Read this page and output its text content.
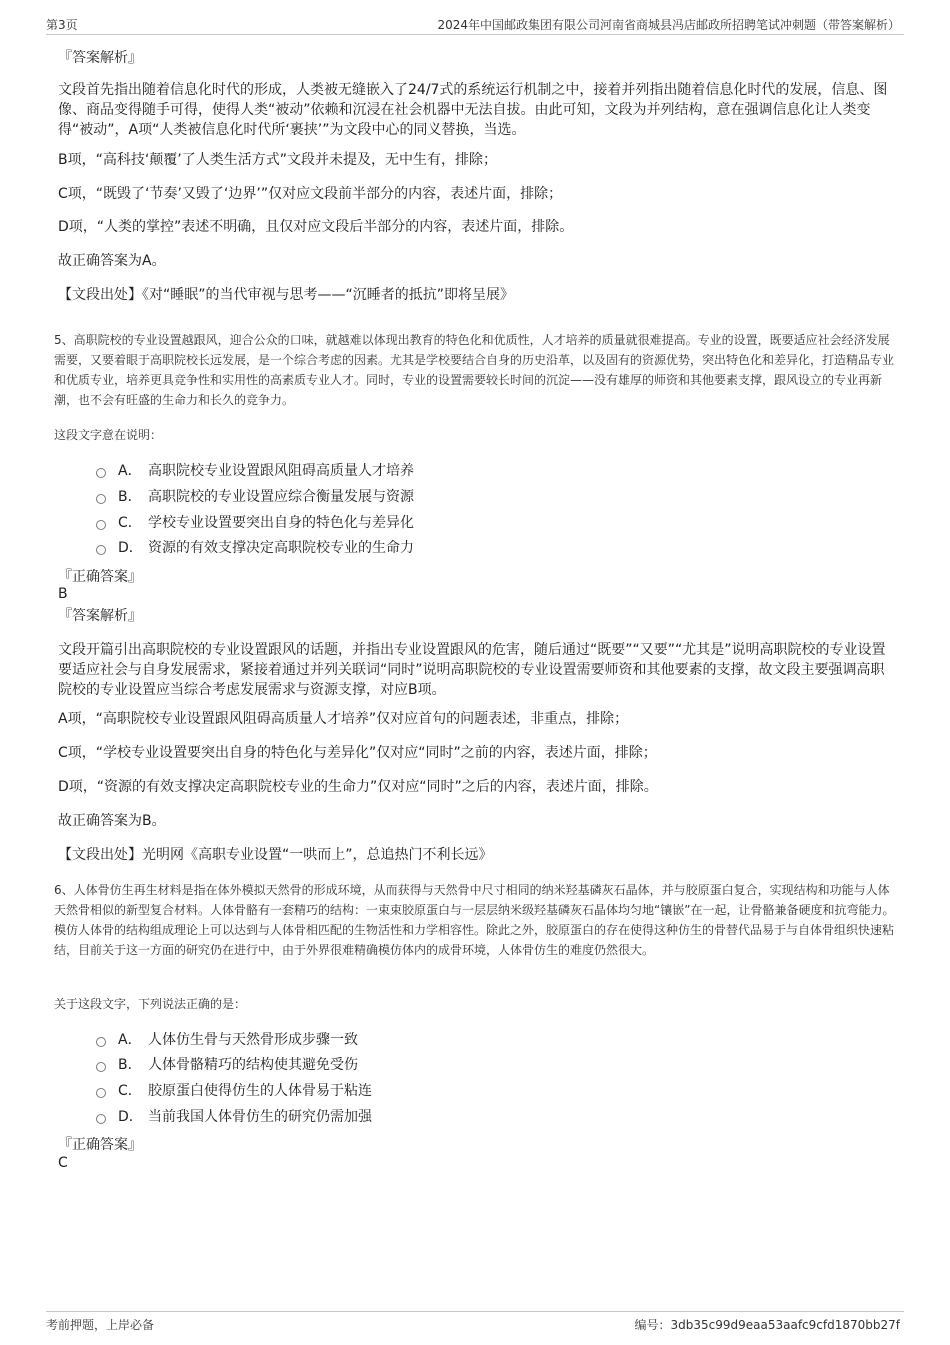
第3页	2024年中国邮政集团有限公司河南省商城县冯店邮政所招聘笔试冲刺题（带答案解析）
『答案解析』
文段首先指出随着信息化时代的形成，人类被无缝嵌入了24/7式的系统运行机制之中，接着并列指出随着信息化时代的发展，信息、图像、商品变得随手可得，使得人类“被动”依赖和沉浸在社会机器中无法自拔。由此可知，文段为并列结构，意在强调信息化让人类变得“被动”，A项“人类被信息化时代所‘裹挟’”为文段中心的同义替换，当选。
B项，“高科技‘颠覆’了人类生活方式”文段并未提及，无中生有，排除；
C项，“既毁了‘节奏’又毁了‘边界’”仅对应文段前半部分的内容，表述片面，排除；
D项，“人类的掌控”表述不明确，且仅对应文段后半部分的内容，表述片面，排除。
故正确答案为A。
【文段出处】《对“睡眠”的当代审视与思考——“沉睡者的抵抗”即将呈展》
5、高职院校的专业设置越跟风，迎合公众的口味，就越难以体现出教育的特色化和优质性，人才培养的质量就很难提高。专业的设置，既要适应社会经济发展需要，又要着眼于高职院校长远发展，是一个综合考虑的因素。尤其是学校要结合自身的历史沿革，以及固有的资源优势，突出特色化和差异化，打造精品专业和优质专业，培养更具竞争性和实用性的高素质专业人才。同时，专业的设置需要较长时间的沉淀——没有雄厚的师资和其他要素支撑，跟风设立的专业再新潮，也不会有旺盛的生命力和长久的竞争力。
这段文字意在说明：
A． 高职院校专业设置跟风阻碍高质量人才培养
B． 高职院校的专业设置应综合衡量发展与资源
C． 学校专业设置要突出自身的特色化与差异化
D． 资源的有效支撑决定高职院校专业的生命力
『正确答案』
B
『答案解析』
文段开篇引出高职院校的专业设置跟风的话题，并指出专业设置跟风的危害，随后通过“既要”“又要”“尤其是”说明高职院校的专业设置要适应社会与自身发展需求，紧接着通过并列关联词“同时”说明高职院校的专业设置需要师资和其他要素的支撑，故文段主要强调高职院校的专业设置应当综合考虑发展需求与资源支撑，对应B项。
A项，“高职院校专业设置跟风阻碍高质量人才培养”仅对应首句的问题表述，非重点，排除；
C项，“学校专业设置要突出自身的特色化与差异化”仅对应“同时”之前的内容，表述片面，排除；
D项，“资源的有效支撑决定高职院校专业的生命力”仅对应“同时”之后的内容，表述片面，排除。
故正确答案为B。
【文段出处】光明网《高职专业设置“一哄而上”，总追热门不利长远》
6、人体骨仿生再生材料是指在体外模拟天然骨的形成环境，从而获得与天然骨中尺寸相同的纳米羟基磷灰石晶体，并与胶原蛋白复合，实现结构和功能与人体天然骨相似的新型复合材料。人体骨骼有一套精巧的结构：一束束胶原蛋白与一层层纳米级羟基磷灰石晶体均匀地“镶嵌”在一起，让骨骼兼备硬度和抗弯能力。模仿人体骨的结构组成理论上可以达到与人体骨相匹配的生物活性和力学相容性。除此之外，胶原蛋白的存在使得这种仿生的骨替代品易于与自体骨组织快速粘结，目前关于这一方面的研究仍在进行中，由于外界很难精确模仿体内的成骨环境，人体骨仿生的难度仍然很大。
关于这段文字，下列说法正确的是：
A． 人体仿生骨与天然骨形成步骤一致
B． 人体骨骼精巧的结构使其避免受伤
C． 胶原蛋白使得仿生的人体骨易于粘连
D． 当前我国人体骨仿生的研究仍需加强
『正确答案』
C
考前押题，上岸必备	编号：3db35c99d9eaa53aafc9cfd1870bb27f
